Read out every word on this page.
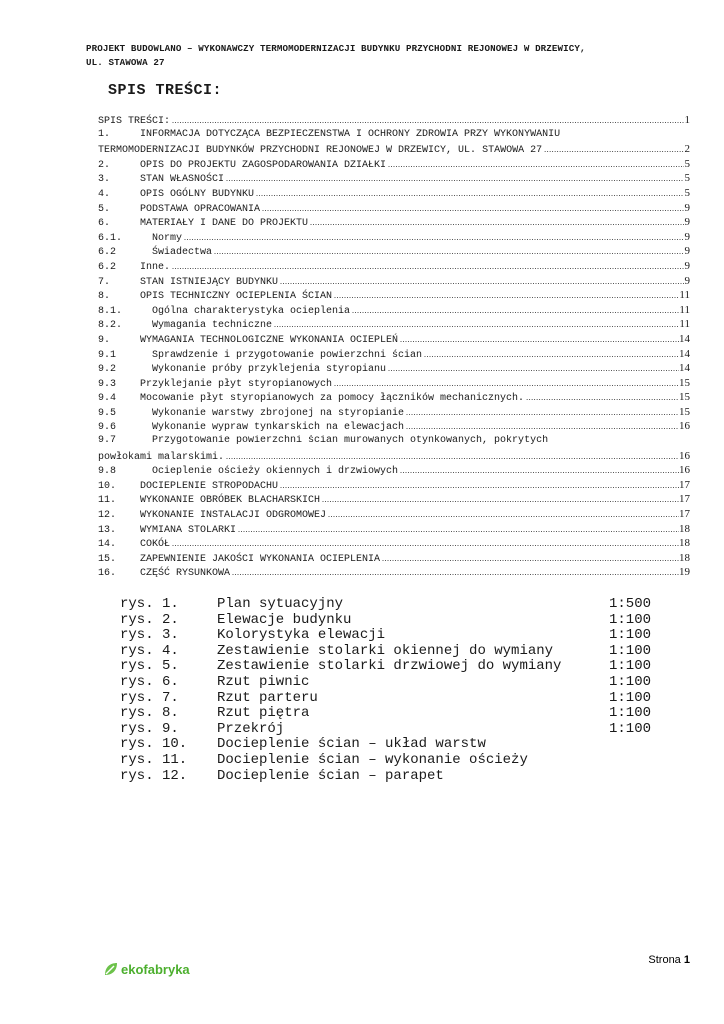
PROJEKT BUDOWLANO – WYKONAWCZY TERMOMODERNIZACJI BUDYNKU PRZYCHODNI REJONOWEJ W DRZEWICY,
UL. STAWOWA 27
SPIS TREŚCI:
SPIS TREŚCI: .....	1
1.	INFORMACJA DOTYCZĄCA BEZPIECZEŃSTWA I OCHRONY ZDROWIA PRZY WYKONYWANIU
TERMOMODERNIZACJI BUDYNKÓW PRZYCHODNI REJONOWEJ W DRZEWICY, UL. STAWOWA 27 .....	2
2.	OPIS DO PROJEKTU ZAGOSPODAROWANIA DZIAŁKI .....	5
3.	STAN WŁASNOŚCI .....	5
4.	OPIS OGÓLNY BUDYNKU .....	5
5.	PODSTAWA OPRACOWANIA .....	9
6.	MATERIAŁY I DANE DO PROJEKTU .....	9
6.1.	Normy .....	9
6.2	Świadectwa .....	9
6.2	Inne. .....	9
7.	STAN ISTNIEJĄCY BUDYNKU .....	9
8.	OPIS TECHNICZNY OCIEPLENIA ŚCIAN .....	11
8.1.	Ogólna charakterystyka ocieplenia .....	11
8.2.	Wymagania techniczne .....	11
9.	WYMAGANIA TECHNOLOGICZNE WYKONANIA OCIEPLEŃ .....	14
9.1	Sprawdzenie i przygotowanie powierzchni ścian .....	14
9.2	Wykonanie próby przyklejenia styropianu .....	14
9.3	Przyklejanie płyt styropianowych .....	15
9.4	Mocowanie płyt styropianowych za pomocy łączników mechanicznych. .....	15
9.5	Wykonanie warstwy zbrojonej na styropianie .....	15
9.6	Wykonanie wypraw tynkarskich na elewacjach .....	16
9.7	Przygotowanie powierzchni ścian murowanych otynkowanych, pokrytych
powłokami malarskimi. .....	16
9.8	Ocieplenie ościeży okiennych i drzwiowych .....	16
10.	DOCIEPLENIE STROPODACHU .....	17
11.	WYKONANIE OBRÓBEK BLACHARSKICH .....	17
12.	WYKONANIE INSTALACJI ODGROMOWEJ .....	17
13.	WYMIANA STOLARKI .....	18
14.	COKÓŁ .....	18
15.	ZAPEWNIENIE JAKOŚCI WYKONANIA OCIEPLENIA .....	18
16.	CZĘŚĆ RYSUNKOWA .....	19
rys. 1.	Plan sytuacyjny	1:500
rys. 2.	Elewacje budynku	1:100
rys. 3.	Kolorystyka elewacji	1:100
rys. 4.	Zestawienie stolarki okiennej do wymiany	1:100
rys. 5.	Zestawienie stolarki drzwiowej do wymiany	1:100
rys. 6.	Rzut piwnic	1:100
rys. 7.	Rzut parteru	1:100
rys. 8.	Rzut piętra	1:100
rys. 9.	Przekrój	1:100
rys. 10.	Docieplenie ścian – układ warstw
rys. 11.	Docieplenie ścian – wykonanie ościeży
rys. 12.	Docieplenie ścian – parapet
ekofabryka
Strona 1
